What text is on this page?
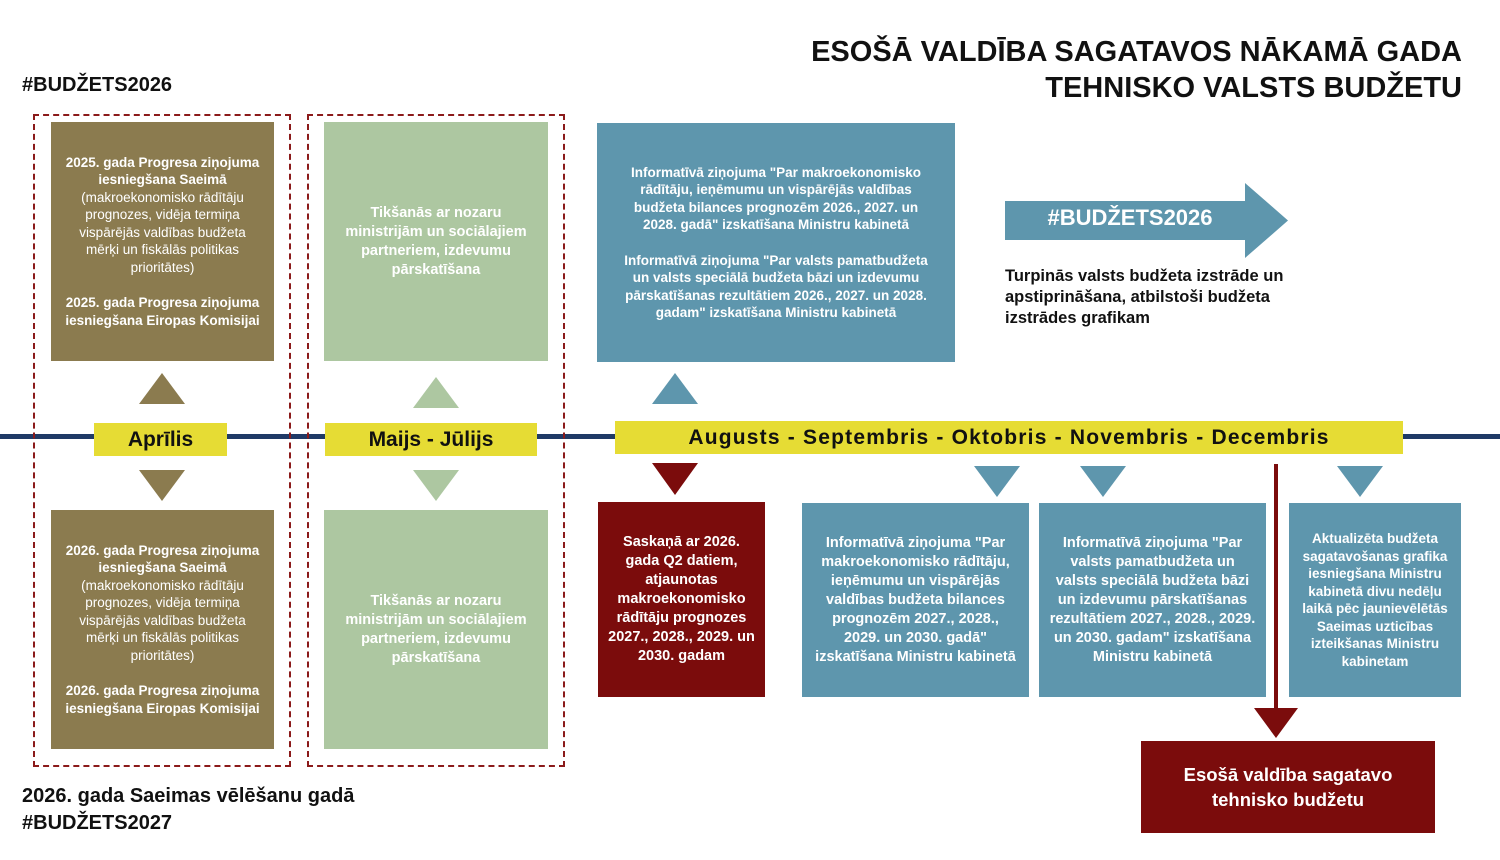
ESOŠĀ VALDĪBA SAGATAVOS NĀKAMĀ GADA
TEHNISKO VALSTS BUDŽETU
#BUDŽETS2026

2025. gada Progresa ziņojuma iesniegšana Saeimā (makroekonomisko rādītāju prognozes, vidēja termiņa vispārējās valdības budžeta mērķi un fiskālās politikas prioritātes)

2025. gada Progresa ziņojuma iesniegšana Eiropas Komisijai

Aprīlis

2026. gada Progresa ziņojuma iesniegšana Saeimā (makroekonomisko rādītāju prognozes, vidēja termiņa vispārējās valdības budžeta mērķi un fiskālās politikas prioritātes)

2026. gada Progresa ziņojuma iesniegšana Eiropas Komisijai

Tikšanās ar nozaru ministrijām un sociālajiem partneriem, izdevumu pārskatīšana

Maijs - Jūlijs

Tikšanās ar nozaru ministrijām un sociālajiem partneriem, izdevumu pārskatīšana

Informatīvā ziņojuma "Par makroekonomisko rādītāju, ieņēmumu un vispārējās valdības budžeta bilances prognozēm 2026., 2027. un 2028. gadā" izskatīšana Ministru kabinetā

Informatīvā ziņojuma "Par valsts pamatbudžeta un valsts speciālā budžeta bāzi un izdevumu pārskatīšanas rezultātiem 2026., 2027. un 2028. gadam" izskatīšana Ministru kabinetā

#BUDŽETS2026
Turpinās valsts budžeta izstrāde un apstiprināšana, atbilstoši budžeta izstrādes grafikam
Augusts - Septembris - Oktobris - Novembris - Decembris

Saskaņā ar 2026. gada Q2 datiem, atjaunotas makroekonomisko rādītāju prognozes 2027., 2028., 2029. un 2030. gadam

Informatīvā ziņojuma "Par makroekonomisko rādītāju, ieņēmumu un vispārējās valdības budžeta bilances prognozēm 2027., 2028., 2029. un 2030. gadā" izskatīšana Ministru kabinetā

Informatīvā ziņojuma "Par valsts pamatbudžeta un valsts speciālā budžeta bāzi un izdevumu pārskatīšanas rezultātiem 2027., 2028., 2029. un 2030. gadam" izskatīšana Ministru kabinetā

Aktualizēta budžeta sagatavošanas grafika iesniegšana Ministru kabinetā divu nedēļu laikā pēc jaunievēlētās Saeimas uzticības izteikšanas Ministru kabinetam

Esošā valdība sagatavo tehnisko budžetu

2026. gada Saeimas vēlēšanu gadā
#BUDŽETS2027
